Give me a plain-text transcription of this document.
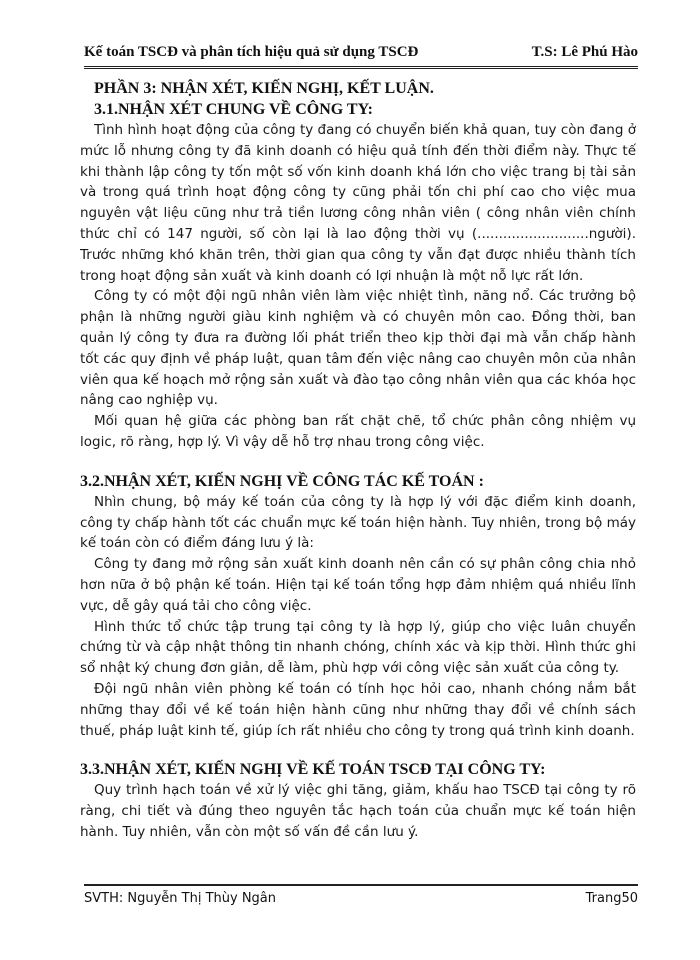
Kế toán TSCĐ và phân tích hiệu quả sử dụng TSCĐ	T.S: Lê Phú Hào

PHẦN 3: NHẬN XÉT, KIẾN NGHỊ, KẾT LUẬN.

3.1.NHẬN XÉT CHUNG VỀ CÔNG TY:

Tình hình hoạt động của công ty đang có chuyển biến khả quan, tuy còn đang ở mức lỗ nhưng công ty đã kinh doanh có hiệu quả tính đến thời điểm này. Thực tế khi thành lập công ty tốn một số vốn kinh doanh khá lớn cho việc trang bị tài sản và trong quá trình hoạt động công ty cũng phải tốn chi phí cao cho việc mua nguyên vật liệu cũng như trả tiền lương công nhân viên ( công nhân viên chính thức chỉ có 147 người, số còn lại là lao động thời vụ (..........................người). Trước những khó khăn trên, thời gian qua công ty vẫn đạt được nhiều thành tích trong hoạt động sản xuất và kinh doanh có lợi nhuận là một nỗ lực rất lớn.

Công ty có một đội ngũ nhân viên làm việc nhiệt tình, năng nổ. Các trưởng bộ phận là những người giàu kinh nghiệm và có chuyên môn cao. Đồng thời, ban quản lý công ty đưa ra đường lối phát triển theo kịp thời đại mà vẫn chấp hành tốt các quy định về pháp luật, quan tâm đến việc nâng cao chuyên môn của nhân viên qua kế hoạch mở rộng sản xuất và đào tạo công nhân viên qua các khóa học nâng cao nghiệp vụ.

Mối quan hệ giữa các phòng ban rất chặt chẽ, tổ chức phân công nhiệm vụ logic, rõ ràng, hợp lý. Vì vậy dễ hỗ trợ nhau trong công việc.

3.2.NHẬN XÉT, KIẾN NGHỊ VỀ CÔNG TÁC KẾ TOÁN :

Nhìn chung, bộ máy kế toán của công ty là hợp lý với đặc điểm kinh doanh, công ty chấp hành tốt các chuẩn mực kế toán hiện hành. Tuy nhiên, trong bộ máy kế toán còn có điểm đáng lưu ý là:

Công ty đang mở rộng sản xuất kinh doanh nên cần có sự phân công chia nhỏ hơn nữa ở bộ phận kế toán. Hiện tại kế toán tổng hợp đảm nhiệm quá nhiều lĩnh vực, dễ gây quá tải cho công việc.

Hình thức tổ chức tập trung tại công ty là hợp lý, giúp cho việc luân chuyển chứng từ và cập nhật thông tin nhanh chóng, chính xác và kịp thời. Hình thức ghi sổ nhật ký chung đơn giản, dễ làm, phù hợp với công việc sản xuất của công ty.

Đội ngũ nhân viên phòng kế toán có tính học hỏi cao, nhanh chóng nắm bắt những thay đổi về kế toán hiện hành cũng như những thay đổi về chính sách thuế, pháp luật kinh tế, giúp ích rất nhiều cho công ty trong quá trình kinh doanh.

3.3.NHẬN XÉT, KIẾN NGHỊ VỀ KẾ TOÁN TSCĐ TẠI CÔNG TY:

Quy trình hạch toán về xử lý việc ghi tăng, giảm, khấu hao TSCĐ tại công ty rõ ràng, chi tiết và đúng theo nguyên tắc hạch toán của chuẩn mực kế toán hiện hành. Tuy nhiên, vẫn còn một số vấn đề cần lưu ý.

SVTH: Nguyễn Thị Thùy Ngân	Trang50
